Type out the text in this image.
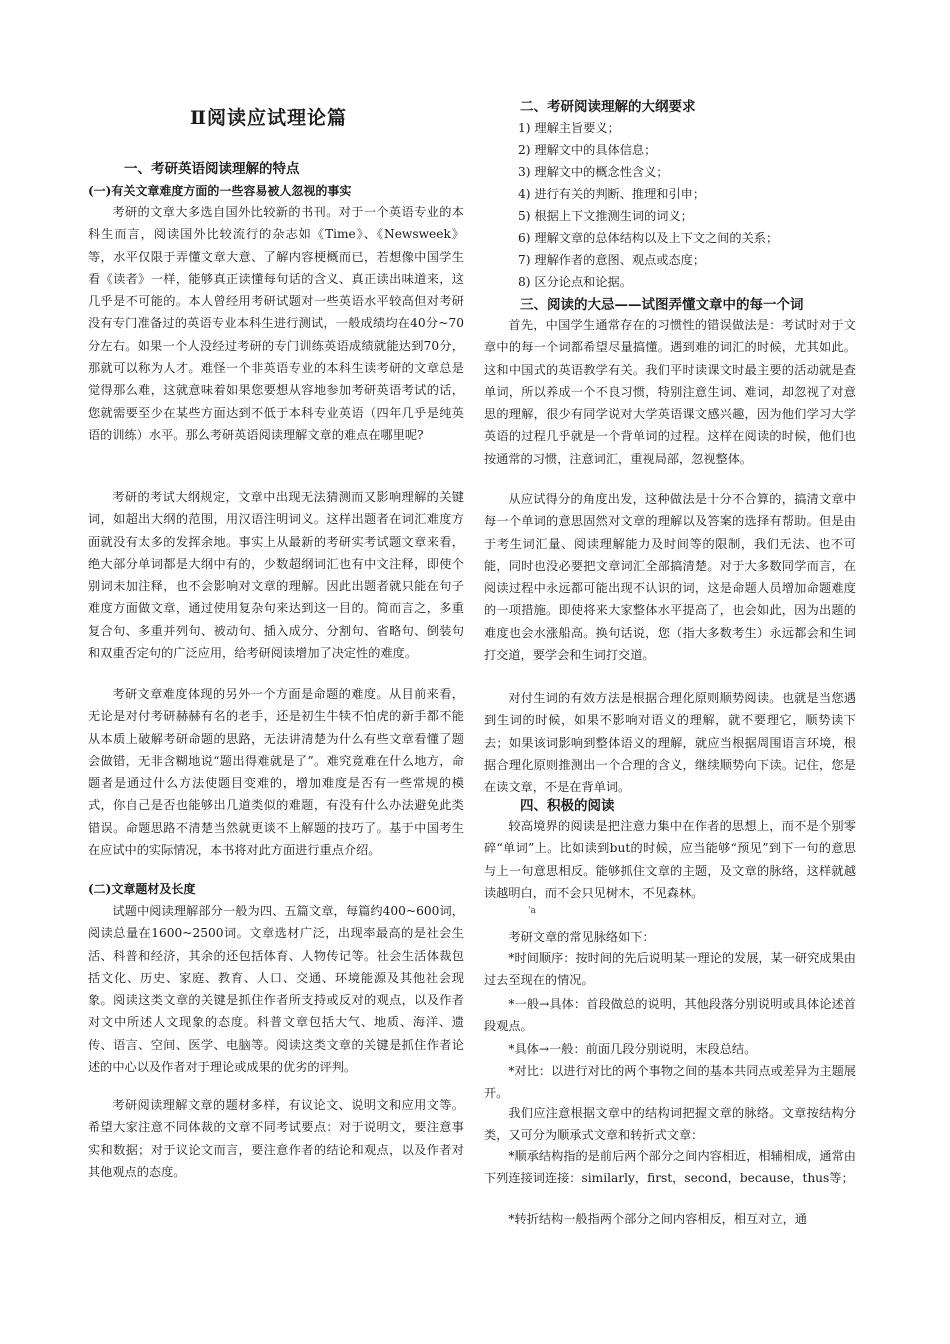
Ⅱ阅读应试理论篇
一、考研英语阅读理解的特点
(一)有关文章难度方面的一些容易被人忽视的事实

考研的文章大多选自国外比较新的书刊。对于一个英语专业的本科生而言，阅读国外比较流行的杂志如《Time》、《Newsweek》等，水平仅限于弄懂文章大意、了解内容梗概而已，若想像中国学生看《读者》一样，能够真正读懂每句话的含义、真正读出味道来，这几乎是不可能的。本人曾经用考研试题对一些英语水平较高但对考研没有专门准备过的英语专业本科生进行测试，一般成绩均在40分~70分左右。如果一个人没经过考研的专门训练英语成绩就能达到70分，那就可以称为人才。难怪一个非英语专业的本科生读考研的文章总是觉得那么难，这就意味着如果您要想从容地参加考研英语考试的话，您就需要至少在某些方面达到不低于本科专业英语（四年几乎是纯英语的训练）水平。那么考研英语阅读理解文章的难点在哪里呢?

考研的考试大纲规定，文章中出现无法猜测而又影响理解的关键词，如超出大纲的范围，用汉语注明词义。这样出题者在词汇难度方面就没有太多的发挥余地。事实上从最新的考研实考试题文章来看，绝大部分单词都是大纲中有的，少数超纲词汇也有中文注释，即使个别词未加注释，也不会影响对文章的理解。因此出题者就只能在句子难度方面做文章，通过使用复杂句来达到这一目的。简而言之，多重复合句、多重并列句、被动句、插入成分、分割句、省略句、倒装句和双重否定句的广泛应用，给考研阅读增加了决定性的难度。

考研文章难度体现的另外一个方面是命题的难度。从目前来看，无论是对付考研赫赫有名的老手，还是初生牛犊不怕虎的新手都不能从本质上破解考研命题的思路，无法讲清楚为什么有些文章看懂了题会做错，无非含糊地说“题出得难就是了”。难究竟难在什么地方，命题者是通过什么方法使题目变难的，增加难度是否有一些常规的模式，你自己是否也能够出几道类似的难题，有没有什么办法避免此类错误。命题思路不清楚当然就更谈不上解题的技巧了。基于中国考生在应试中的实际情况，本书将对此方面进行重点介绍。

(二)文章题材及长度

试题中阅读理解部分一般为四、五篇文章，每篇约400~600词，阅读总量在1600~2500词。文章选材广泛，出现率最高的是社会生活、科普和经济，其余的还包括体育、人物传记等。社会生活体裁包括文化、历史、家庭、教育、人口、交通、环境能源及其他社会现象。阅读这类文章的关键是抓住作者所支持或反对的观点，以及作者对文中所述人文现象的态度。科普文章包括大气、地质、海洋、遗传、语言、空间、医学、电脑等。阅读这类文章的关键是抓住作者论述的中心以及作者对于理论或成果的优劣的评判。

考研阅读理解文章的题材多样，有议论文、说明文和应用文等。希望大家注意不同体裁的文章不同考试要点：对于说明文，要注意事实和数据；对于议论文而言，要注意作者的结论和观点，以及作者对其他观点的态度。

二、考研阅读理解的大纲要求
1) 理解主旨要义；
2) 理解文中的具体信息；
3) 理解文中的概念性含义；
4) 进行有关的判断、推理和引申；
5) 根据上下文推测生词的词义；
6) 理解文章的总体结构以及上下文之间的关系；
7) 理解作者的意图、观点或态度；
8) 区分论点和论据。
三、阅读的大忌——试图弄懂文章中的每一个词

首先，中国学生通常存在的习惯性的错误做法是：考试时对于文章中的每一个词都希望尽量搞懂。遇到难的词汇的时候，尤其如此。这和中国式的英语教学有关。我们平时读课文时最主要的活动就是查单词，所以养成一个不良习惯，特别注意生词、难词，却忽视了对意思的理解，很少有同学说对大学英语课文感兴趣，因为他们学习大学英语的过程几乎就是一个背单词的过程。这样在阅读的时候，他们也按通常的习惯，注意词汇，重视局部，忽视整体。

从应试得分的角度出发，这种做法是十分不合算的，搞清文章中每一个单词的意思固然对文章的理解以及答案的选择有帮助。但是由于考生词汇量、阅读理解能力及时间等的限制，我们无法、也不可能，同时也没必要把文章词汇全部搞清楚。对于大多数同学而言，在阅读过程中永远都可能出现不认识的词，这是命题人员增加命题难度的一项措施。即使将来大家整体水平提高了，也会如此，因为出题的难度也会水涨船高。换句话说，您（指大多数考生）永远都会和生词打交道，要学会和生词打交道。

对付生词的有效方法是根据合理化原则顺势阅读。也就是当您遇到生词的时候，如果不影响对语义的理解，就不要理它，顺势读下去；如果该词影响到整体语义的理解，就应当根据周围语言环境，根据合理化原则推测出一个合理的含义，继续顺势向下读。记住，您是在读文章，不是在背单词。

四、积极的阅读

较高境界的阅读是把注意力集中在作者的思想上，而不是个别零碎“单词”上。比如读到but的时候，应当能够“预见”到下一句的意思与上一句意思相反。能够抓住文章的主题，及文章的脉络，这样就越读越明白，而不会只见树木，不见森林。

'a

考研文章的常见脉络如下：

*时间顺序：按时间的先后说明某一理论的发展，某一研究成果由过去至现在的情况。

*一般→具体：首段做总的说明，其他段落分别说明或具体论述首段观点。

*具体→一般：前面几段分别说明，末段总结。

*对比：以进行对比的两个事物之间的基本共同点或差异为主题展开。

我们应注意根据文章中的结构词把握文章的脉络。文章按结构分类，又可分为顺承式文章和转折式文章：

*顺承结构指的是前后两个部分之间内容相近，相辅相成，通常由下列连接词连接：similarly，first，second，because，thus等；

*转折结构一般指两个部分之间内容相反，相互对立，通
